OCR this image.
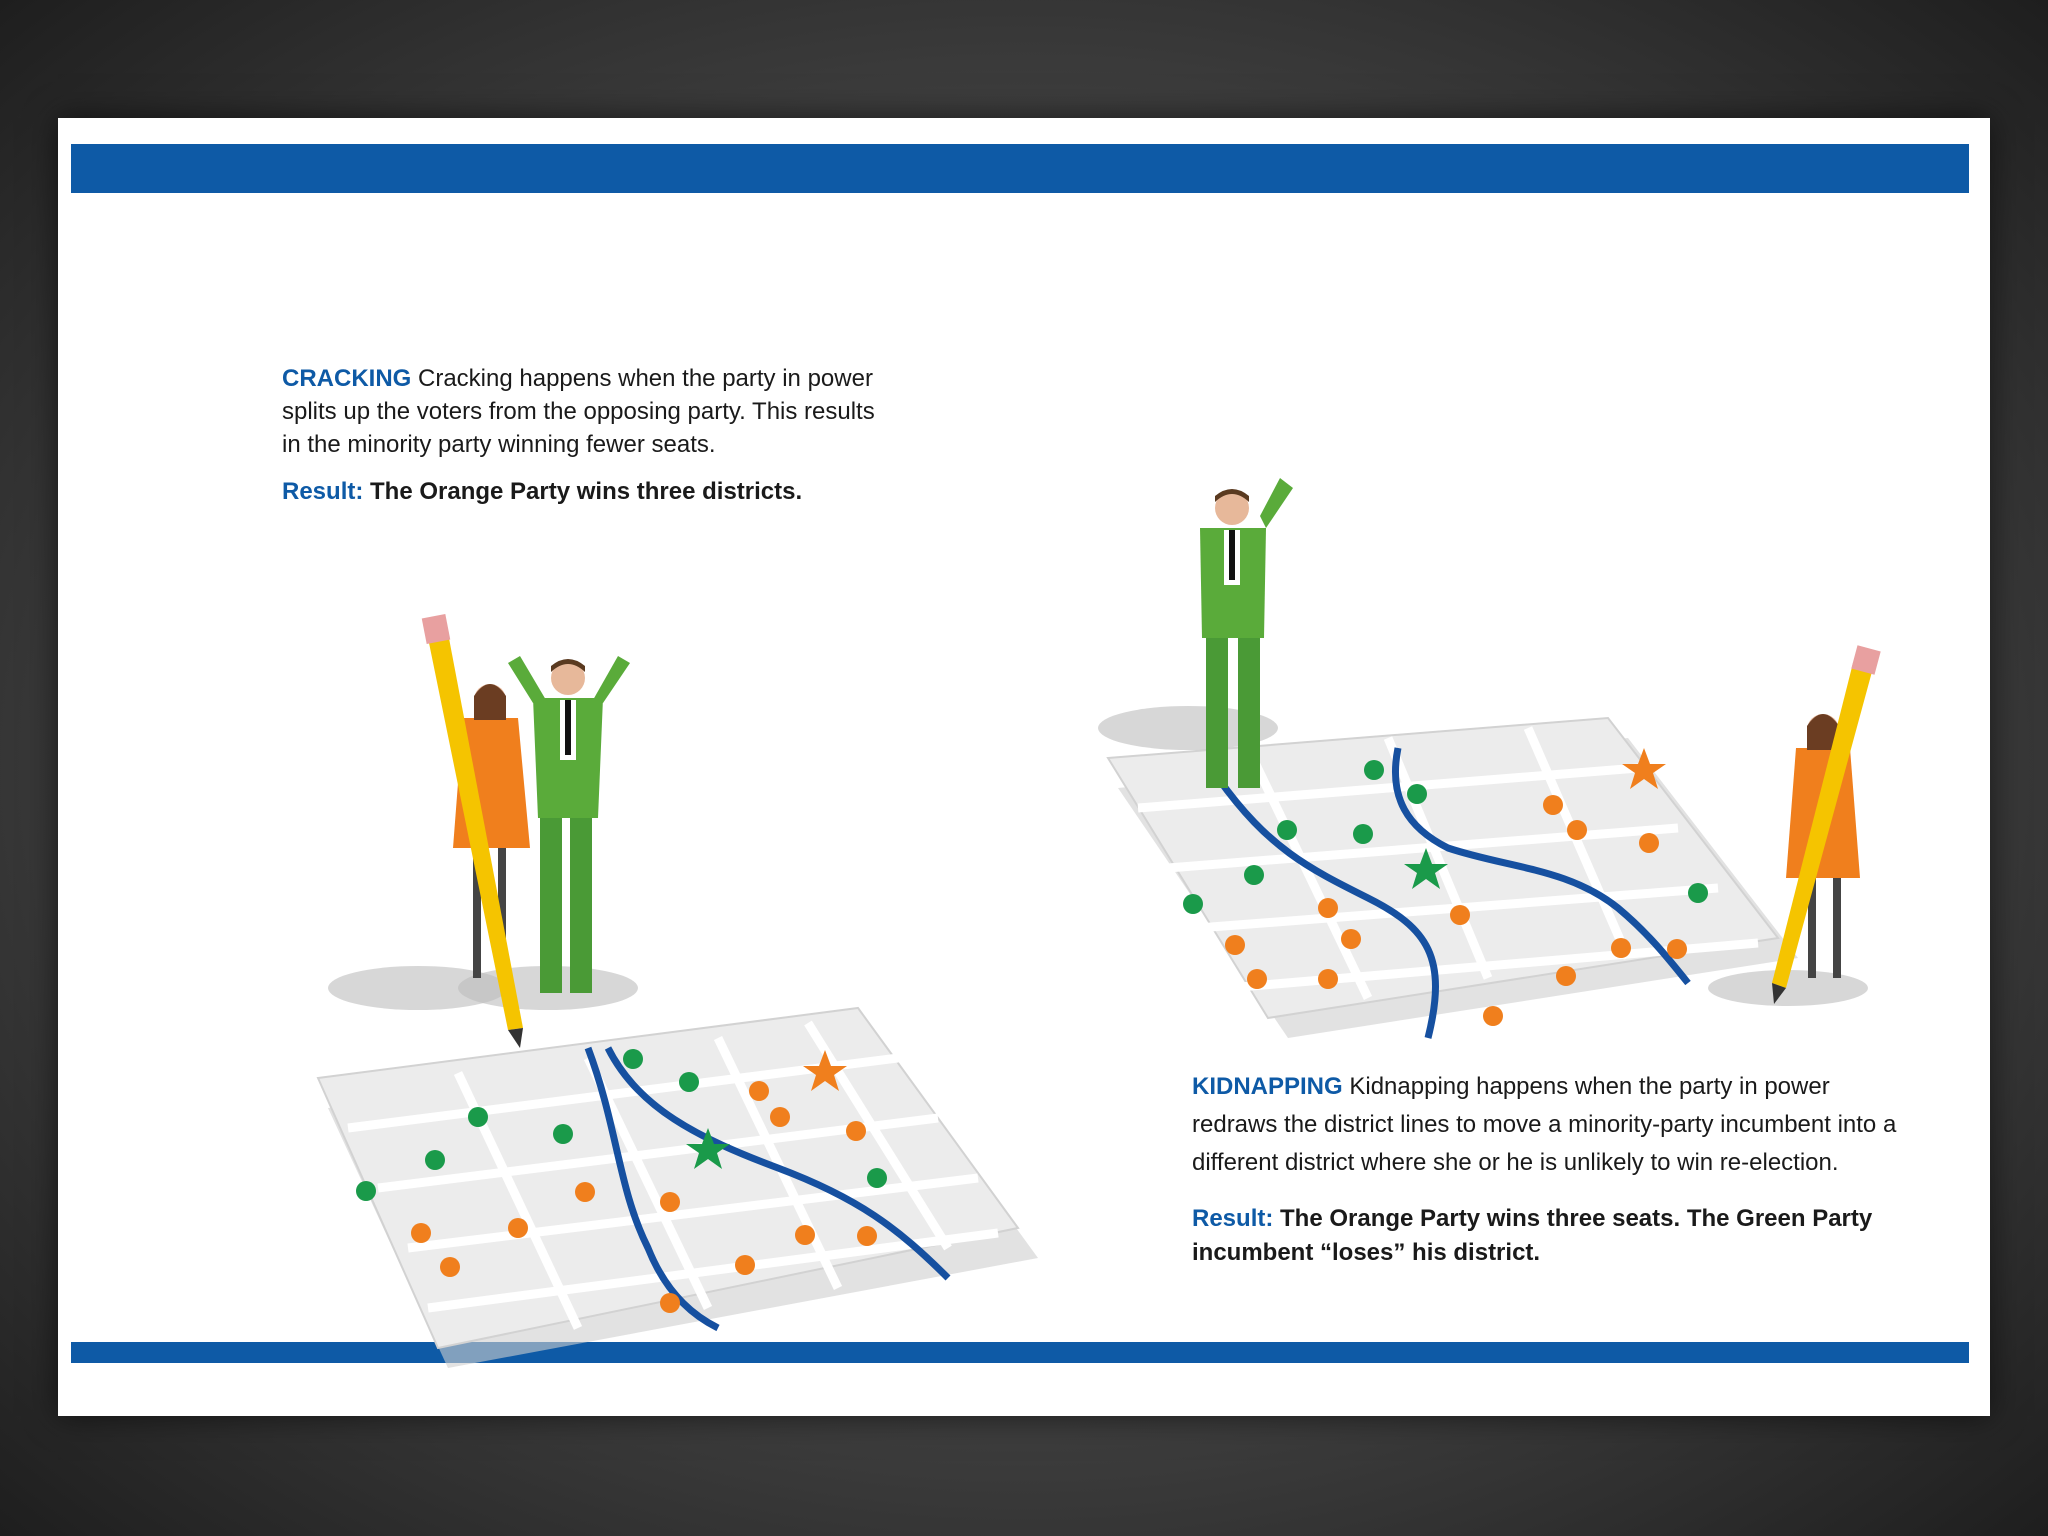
CRACKING Cracking happens when the party in power splits up the voters from the opposing party. This results in the minority party winning fewer seats.
Result: The Orange Party wins three districts.
KIDNAPPING Kidnapping happens when the party in power redraws the district lines to move a minority-party incumbent into a different district where she or he is unlikely to win re-election.
Result: The Orange Party wins three seats. The Green Party incumbent “loses” his district.
